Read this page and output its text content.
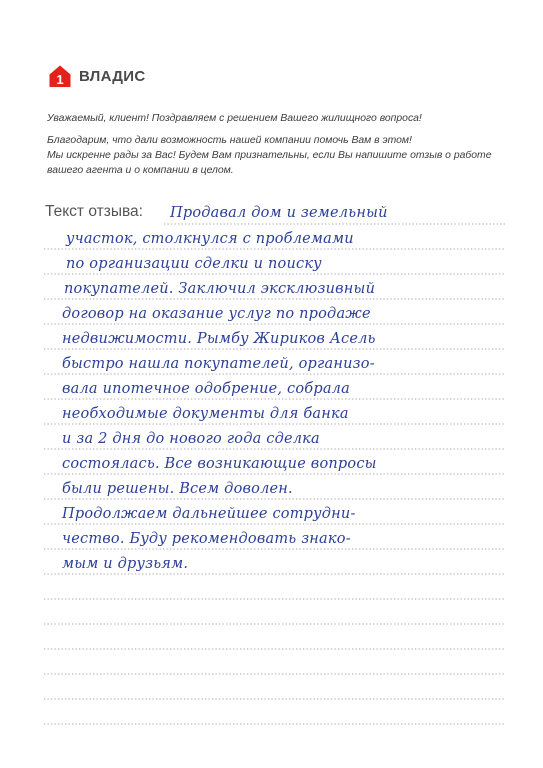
1 ВЛАДИС
Уважаемый, клиент! Поздравляем с решением Вашего жилищного вопроса!
Благодарим, что дали возможность нашей компании помочь Вам в этом!
Мы искренне рады за Вас! Будем Вам признательны, если Вы напишите отзыв о работе
вашего агента и о компании в целом.
Текст отзыва: Продавал дом и земельный
участок, столкнулся с проблемами
по организации сделки и поиску
покупателей. Заключил эксклюзивный
договор на оказание услуг по продаже
недвижимости. Рымбу Жириков Асель
быстро нашла покупателей, организо-
вала ипотечное одобрение, собрала
необходимые документы для банка
и за 2 дня до нового года сделка
состоялась. Все возникающие вопросы
были решены. Всем доволен.
Продолжаем дальнейшее сотрудни-
чество. Буду рекомендовать знако-
мым и друзьям.
